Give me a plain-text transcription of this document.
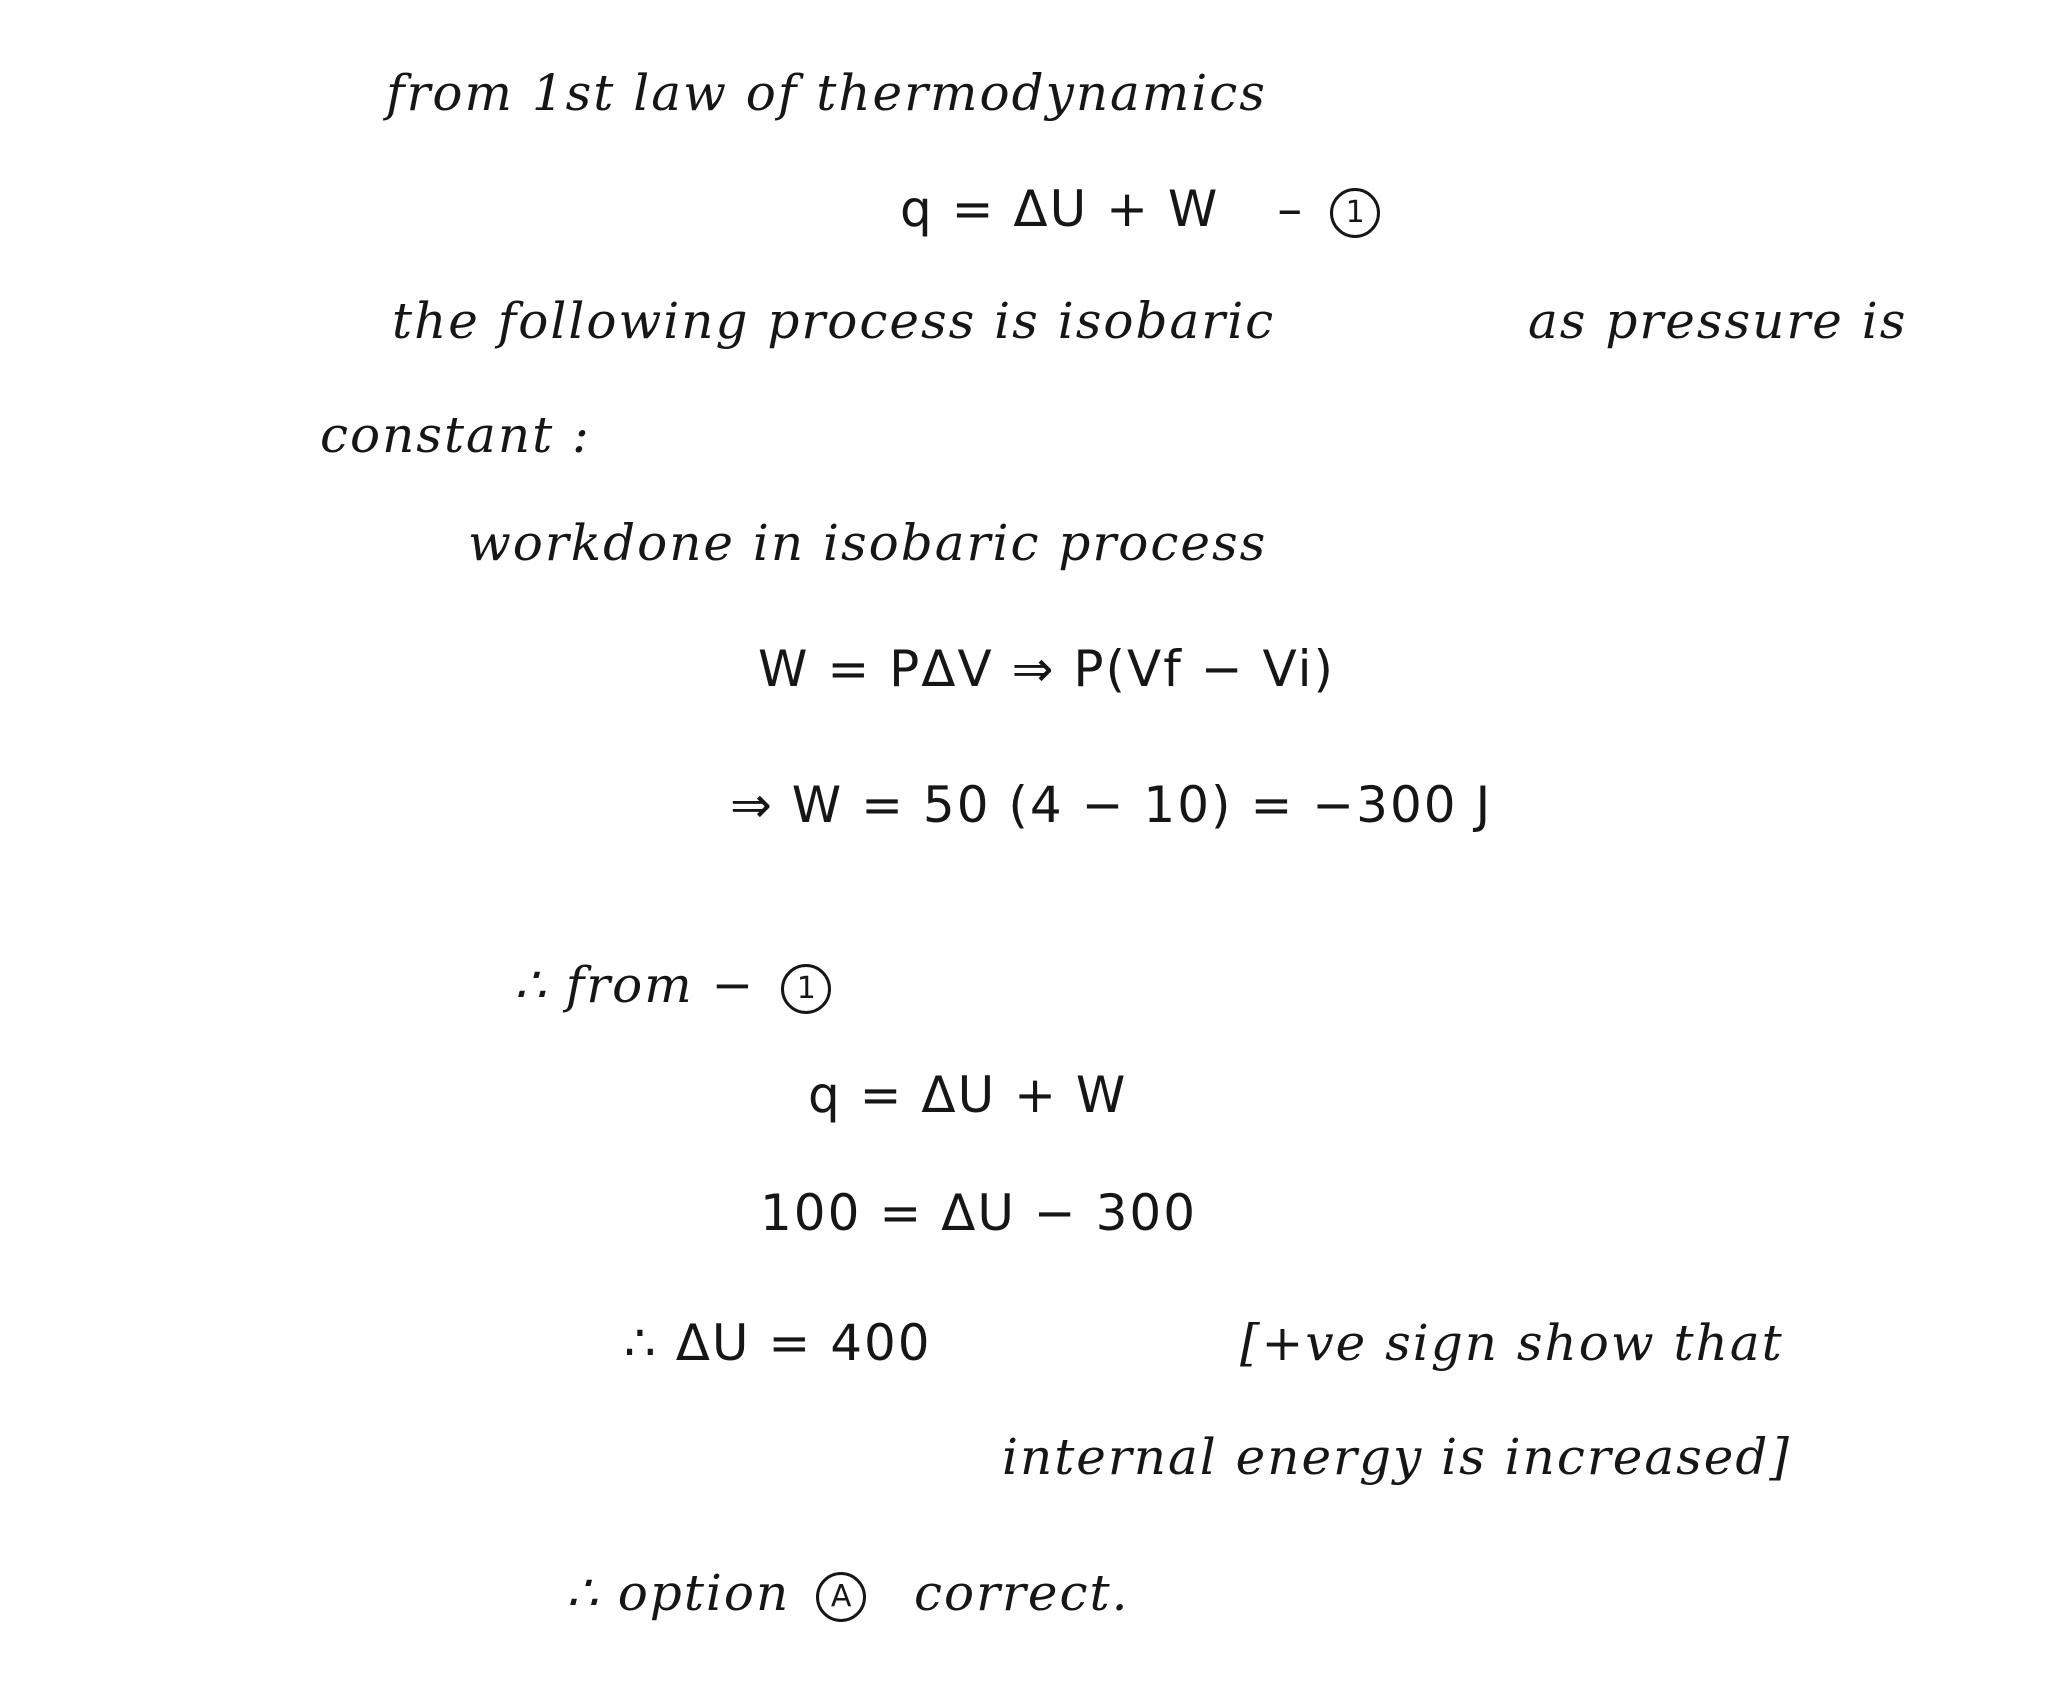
from 1st law of thermodynamics
q = ΔU + W – 1
the following process is isobaric	as pressure is
constant :
workdone in isobaric process
W = PΔV ⇒ P(Vf − Vi)
⇒ W = 50 (4 − 10) = −300 J
∴ from − 1
q = ΔU + W
100 = ΔU − 300
∴ ΔU = 400	[+ve sign show that
internal energy is increased]
∴ option A correct.
